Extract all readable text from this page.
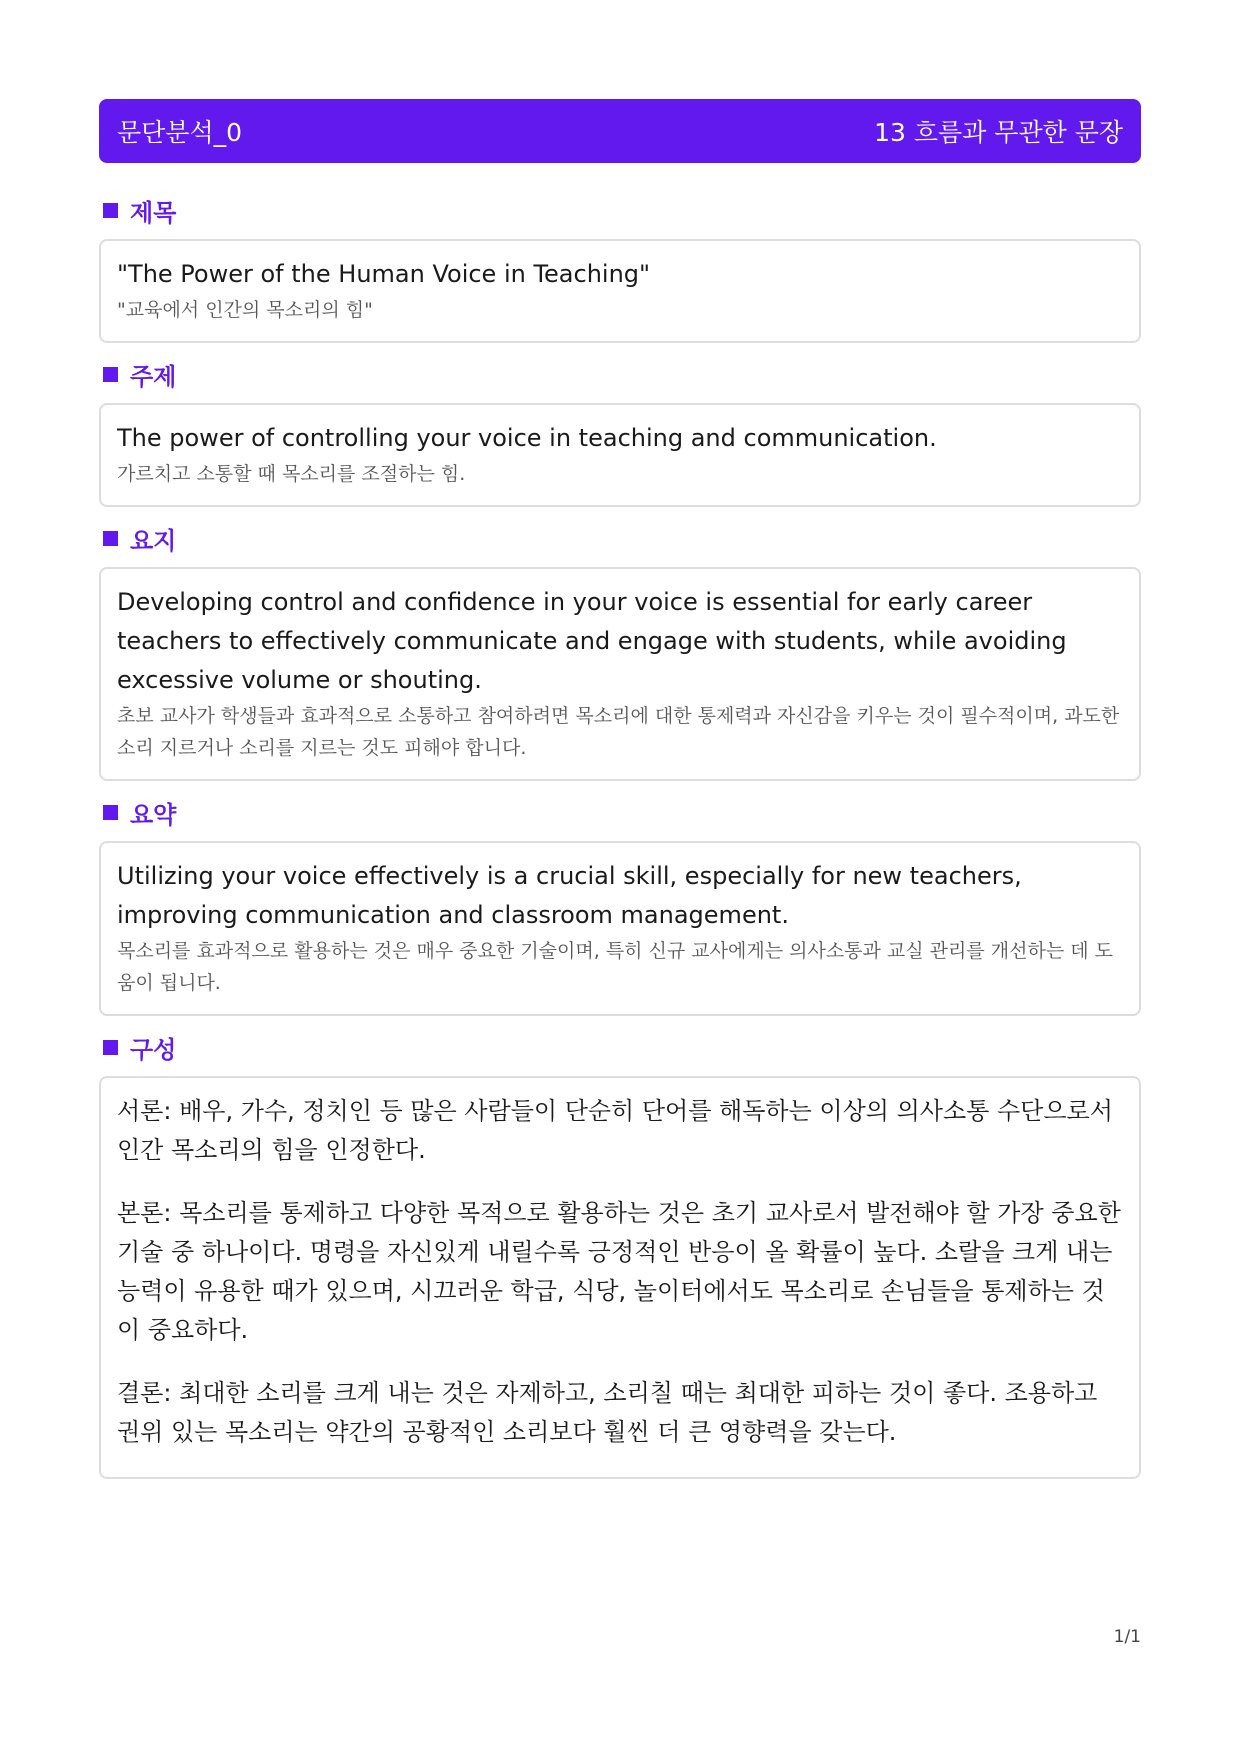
문단분석_0	13 흐름과 무관한 문장
제목
"The Power of the Human Voice in Teaching"
"교육에서 인간의 목소리의 힘"
주제
The power of controlling your voice in teaching and communication.
가르치고 소통할 때 목소리를 조절하는 힘.
요지
Developing control and confidence in your voice is essential for early career teachers to effectively communicate and engage with students, while avoiding excessive volume or shouting.
초보 교사가 학생들과 효과적으로 소통하고 참여하려면 목소리에 대한 통제력과 자신감을 키우는 것이 필수적이며, 과도한 소리 지르거나 소리를 지르는 것도 피해야 합니다.
요약
Utilizing your voice effectively is a crucial skill, especially for new teachers, improving communication and classroom management.
목소리를 효과적으로 활용하는 것은 매우 중요한 기술이며, 특히 신규 교사에게는 의사소통과 교실 관리를 개선하는 데 도움이 됩니다.
구성
서론: 배우, 가수, 정치인 등 많은 사람들이 단순히 단어를 해독하는 이상의 의사소통 수단으로서 인간 목소리의 힘을 인정한다.
본론: 목소리를 통제하고 다양한 목적으로 활용하는 것은 초기 교사로서 발전해야 할 가장 중요한 기술 중 하나이다. 명령을 자신있게 내릴수록 긍정적인 반응이 올 확률이 높다. 소랄을 크게 내는 능력이 유용한 때가 있으며, 시끄러운 학급, 식당, 놀이터에서도 목소리로 손님들을 통제하는 것이 중요하다.
결론: 최대한 소리를 크게 내는 것은 자제하고, 소리칠 때는 최대한 피하는 것이 좋다. 조용하고 권위 있는 목소리는 약간의 공황적인 소리보다 훨씬 더 큰 영향력을 갖는다.
1/1
